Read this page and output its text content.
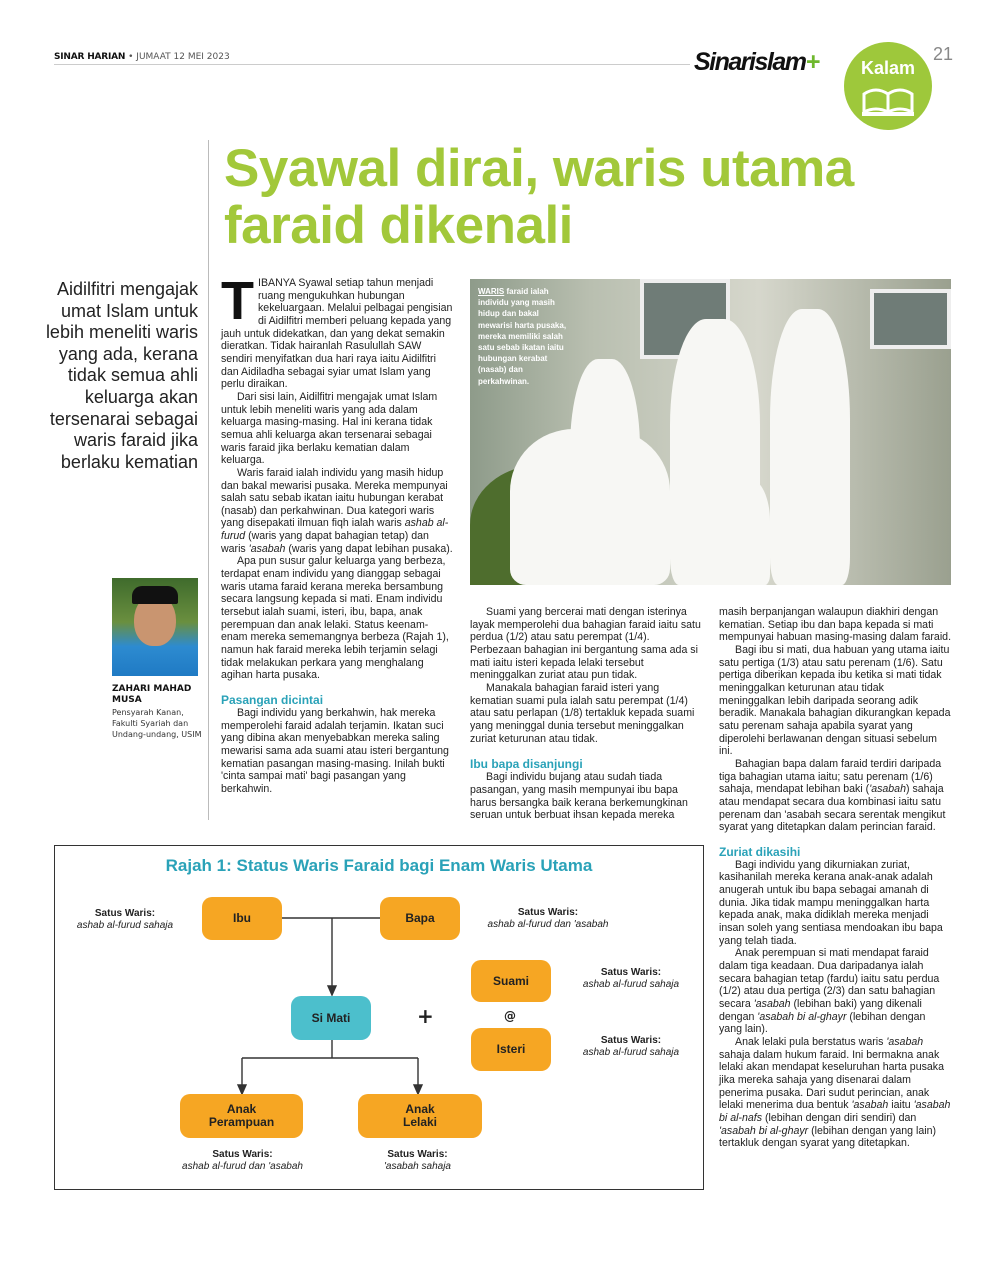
SINAR HARIAN • JUMAAT 12 MEI 2023	Sinarislam+	Kalam
21
Syawal dirai, waris utama faraid dikenali
Aidilfitri mengajak umat Islam untuk lebih meneliti waris yang ada, kerana tidak semua ahli keluarga akan tersenarai sebagai waris faraid jika berlaku kematian
ZAHARI MAHAD MUSA
Pensyarah Kanan, Fakulti Syariah dan Undang-undang, USIM
T IBANYA Syawal setiap tahun menjadi ruang mengukuhkan hubungan kekeluargaan. Melalui pelbagai pengisian di Aidilfitri memberi peluang kepada yang jauh untuk didekatkan, dan yang dekat semakin dieratkan. Tidak hairanlah Rasulullah SAW sendiri menyifatkan dua hari raya iaitu Aidilfitri dan Aidiladha sebagai syiar umat Islam yang perlu diraikan.

Dari sisi lain, Aidilfitri mengajak umat Islam untuk lebih meneliti waris yang ada dalam keluarga masing-masing. Hal ini kerana tidak semua ahli keluarga akan tersenarai sebagai waris faraid jika berlaku kematian dalam keluarga.

Waris faraid ialah individu yang masih hidup dan bakal mewarisi pusaka. Mereka mempunyai salah satu sebab ikatan iaitu hubungan kerabat (nasab) dan perkahwinan. Dua kategori waris yang disepakati ilmuan fiqh ialah waris ashab al-furud (waris yang dapat bahagian tetap) dan waris 'asabah (waris yang dapat lebihan pusaka).

Apa pun susur galur keluarga yang berbeza, terdapat enam individu yang dianggap sebagai waris utama faraid kerana mereka bersambung secara langsung kepada si mati. Enam individu tersebut ialah suami, isteri, ibu, bapa, anak perempuan dan anak lelaki. Status keenam-enam mereka sememangnya berbeza (Rajah 1), namun hak faraid mereka lebih terjamin selagi tidak melakukan perkara yang menghalang agihan harta pusaka.

Pasangan dicintai

Bagi individu yang berkahwin, hak mereka memperolehi faraid adalah terjamin. Ikatan suci yang dibina akan menyebabkan mereka saling mewarisi sama ada suami atau isteri bergantung kematian pasangan masing-masing. Inilah bukti 'cinta sampai mati' bagi pasangan yang berkahwin.

WARIS faraid ialah individu yang masih hidup dan bakal mewarisi harta pusaka, mereka memiliki salah satu sebab ikatan iaitu hubungan kerabat (nasab) dan perkahwinan.

Suami yang bercerai mati dengan isterinya layak memperolehi dua bahagian faraid iaitu satu perdua (1/2) atau satu perempat (1/4). Perbezaan bahagian ini bergantung sama ada si mati iaitu isteri kepada lelaki tersebut meninggalkan zuriat atau pun tidak.

Manakala bahagian faraid isteri yang kematian suami pula ialah satu perempat (1/4) atau satu perlapan (1/8) tertakluk kepada suami yang meninggal dunia tersebut meninggalkan zuriat keturunan atau tidak.

Ibu bapa disanjungi

Bagi individu bujang atau sudah tiada pasangan, yang masih mempunyai ibu bapa harus bersangka baik kerana berkemungkinan seruan untuk berbuat ihsan kepada mereka

masih berpanjangan walaupun diakhiri dengan kematian. Setiap ibu dan bapa kepada si mati mempunyai habuan masing-masing dalam faraid.

Bagi ibu si mati, dua habuan yang utama iaitu satu pertiga (1/3) atau satu perenam (1/6). Satu pertiga diberikan kepada ibu ketika si mati tidak meninggalkan keturunan atau tidak meninggalkan lebih daripada seorang adik beradik. Manakala bahagian dikurangkan kepada satu perenam sahaja apabila syarat yang diperolehi berlawanan dengan situasi sebelum ini.

Bahagian bapa dalam faraid terdiri daripada tiga bahagian utama iaitu; satu perenam (1/6) sahaja, mendapat lebihan baki ('asabah) sahaja atau mendapat secara dua kombinasi iaitu satu perenam dan 'asabah secara serentak mengikut syarat yang ditetapkan dalam perincian faraid.

Zuriat dikasihi

Bagi individu yang dikurniakan zuriat, kasihanilah mereka kerana anak-anak adalah anugerah untuk ibu bapa sebagai amanah di dunia. Jika tidak mampu meninggalkan harta kepada anak, maka didiklah mereka menjadi insan soleh yang sentiasa mendoakan ibu bapa yang telah tiada.

Anak perempuan si mati mendapat faraid dalam tiga keadaan. Dua daripadanya ialah secara bahagian tetap (fardu) iaitu satu perdua (1/2) atau dua pertiga (2/3) dan satu bahagian secara 'asabah (lebihan baki) yang dikenali dengan 'asabah bi al-ghayr (lebihan dengan yang lain).

Anak lelaki pula berstatus waris 'asabah sahaja dalam hukum faraid. Ini bermakna anak lelaki akan mendapat keseluruhan harta pusaka jika mereka sahaja yang disenarai dalam penerima pusaka. Dari sudut perincian, anak lelaki menerima dua bentuk 'asabah iaitu 'asabah bi al-nafs (lebihan dengan diri sendiri) dan 'asabah bi al-ghayr (lebihan dengan yang lain) tertakluk dengan syarat yang ditetapkan.

Rajah 1: Status Waris Faraid bagi Enam Waris Utama
Ibu	Bapa
Si Mati
Suami
Isteri
Anak Perampuan
Anak Lelaki
+	@
Satus Waris:
ashab al-furud sahaja
Satus Waris:
ashab al-furud dan 'asabah
Satus Waris:
ashab al-furud sahaja
Satus Waris:
ashab al-furud sahaja
Satus Waris:
ashab al-furud dan 'asabah
Satus Waris:
'asabah sahaja
